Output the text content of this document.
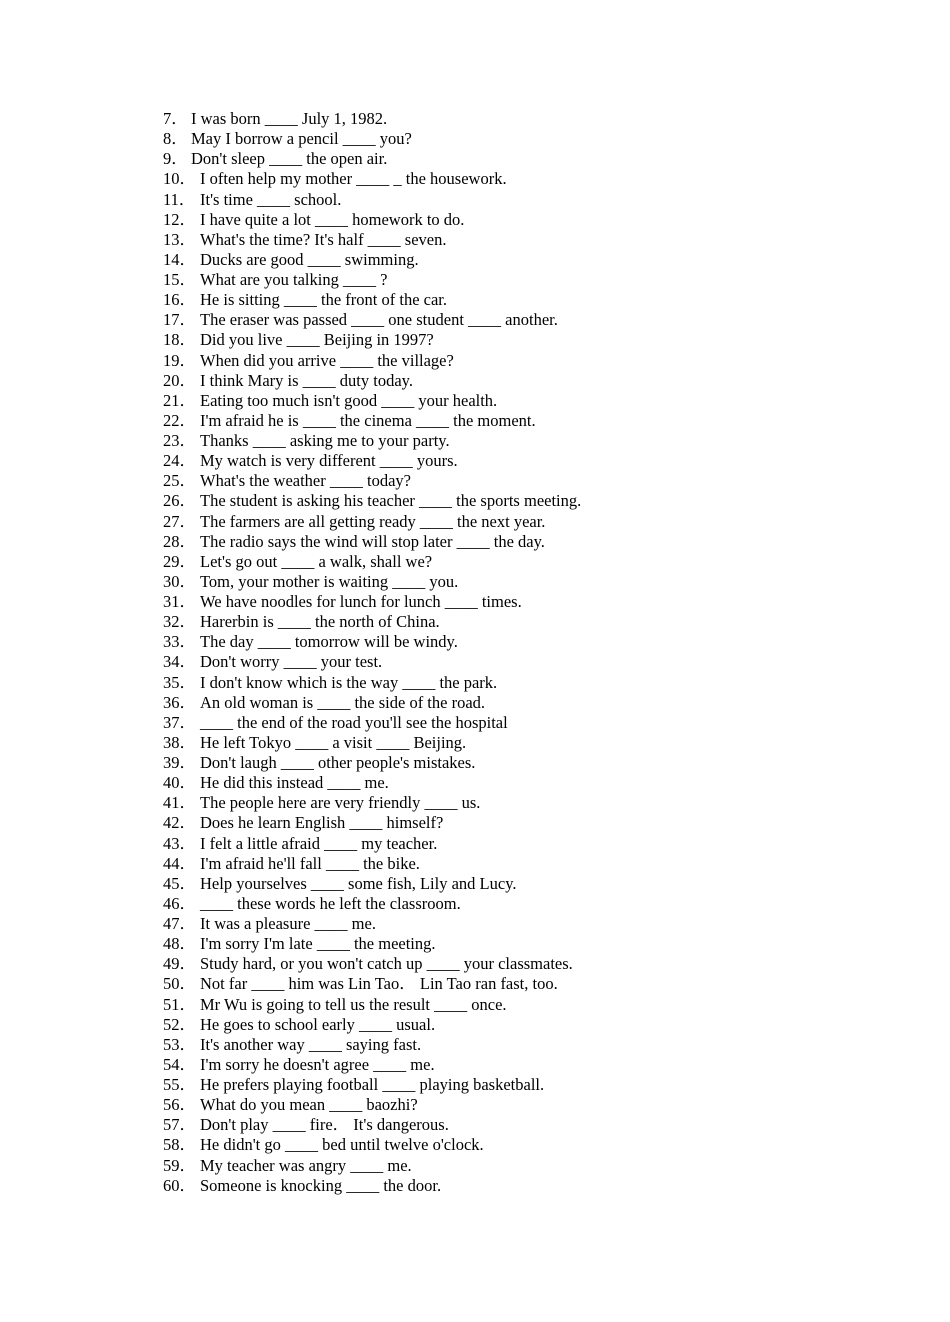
7． I was born ____ July 1, 1982.
8． May I borrow a pencil ____ you?
9． Don't sleep ____ the open air.
10． I often help my mother ____ _ the housework.
11． It's time ____ school.
12． I have quite a lot ____ homework to do.
13． What's the time? It's half ____ seven.
14． Ducks are good ____ swimming.
15． What are you talking ____ ?
16． He is sitting ____ the front of the car.
17． The eraser was passed ____ one student ____ another.
18． Did you live ____ Beijing in 1997?
19． When did you arrive ____ the village?
20． I think Mary is ____ duty today.
21． Eating too much isn't good ____ your health.
22． I'm afraid he is ____ the cinema ____ the moment.
23． Thanks ____ asking me to your party.
24． My watch is very different ____ yours.
25． What's the weather ____ today?
26． The student is asking his teacher ____ the sports meeting.
27． The farmers are all getting ready ____ the next year.
28． The radio says the wind will stop later ____ the day.
29． Let's go out ____ a walk, shall we?
30． Tom, your mother is waiting ____ you.
31． We have noodles for lunch for lunch ____ times.
32． Harerbin is ____ the north of China.
33． The day ____ tomorrow will be windy.
34． Don't worry ____ your test.
35． I don't know which is the way ____ the park.
36． An old woman is ____ the side of the road.
37． ____ the end of the road you'll see the hospital
38． He left Tokyo ____ a visit ____ Beijing.
39． Don't laugh ____ other people's mistakes.
40． He did this instead ____ me.
41． The people here are very friendly ____ us.
42． Does he learn English ____ himself?
43． I felt a little afraid ____ my teacher.
44． I'm afraid he'll fall ____ the bike.
45． Help yourselves ____ some fish, Lily and Lucy.
46． ____ these words he left the classroom.
47． It was a pleasure ____ me.
48． I'm sorry I'm late ____ the meeting.
49． Study hard, or you won't catch up ____ your classmates.
50． Not far ____ him was Lin Tao． Lin Tao ran fast, too.
51． Mr Wu is going to tell us the result ____ once.
52． He goes to school early ____ usual.
53． It's another way ____ saying fast.
54． I'm sorry he doesn't agree ____ me.
55． He prefers playing football ____ playing basketball.
56． What do you mean ____ baozhi?
57． Don't play ____ fire． It's dangerous.
58． He didn't go ____ bed until twelve o'clock.
59． My teacher was angry ____ me.
60． Someone is knocking ____ the door.
